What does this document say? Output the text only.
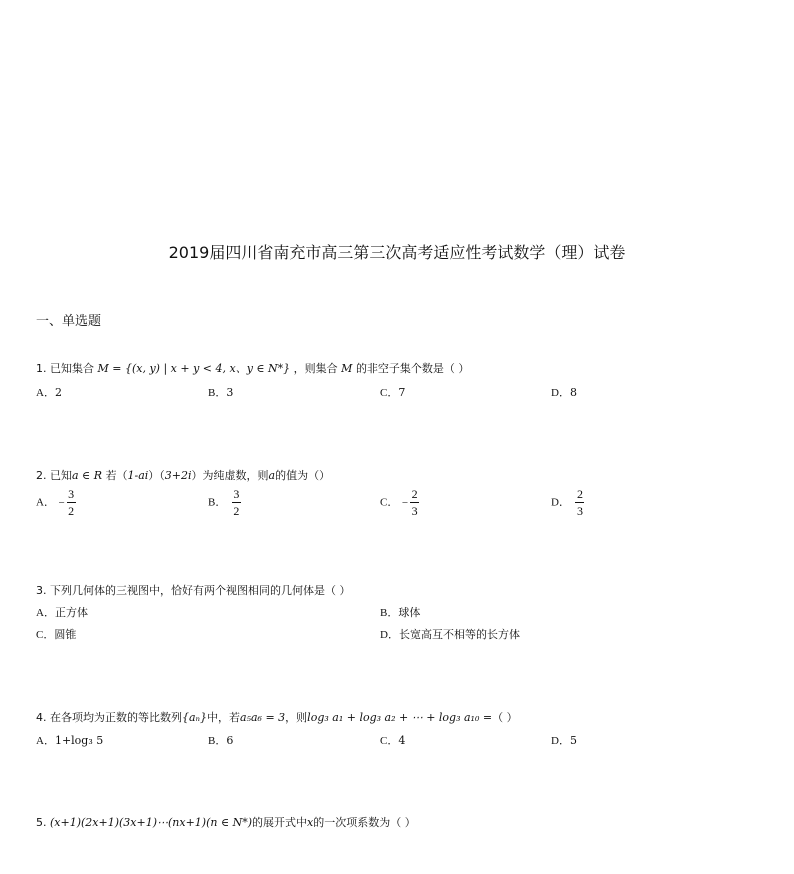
2019届四川省南充市高三第三次高考适应性考试数学（理）试卷
一、单选题
1. 已知集合 M = {(x, y) | x + y < 4, x、y ∈ N*} ，则集合 M 的非空子集个数是（ ）
A．2	B．3	C．7	D．8
2. 已知a ∈ R 若（1-ai）（3+2i）为纯虚数，则a的值为（）
A． − $\frac{3}{2}$	B． $\frac{3}{2}$	C． − $\frac{2}{3}$	D． $\frac{2}{3}$
3. 下列几何体的三视图中，恰好有两个视图相同的几何体是（ ）
A．正方体	B．球体
C．圆锥	D．长宽高互不相等的长方体
4. 在各项均为正数的等比数列{aₙ}中，若a₅a₆ = 3，则log₃ a₁ + log₃ a₂ + ⋯ + log₃ a₁₀ =（ ）
A．1+log₃ 5	B．6	C．4	D．5
5. (x+1)(2x+1)(3x+1)⋯(nx+1)(n ∈ N*)的展开式中x的一次项系数为（ ）
